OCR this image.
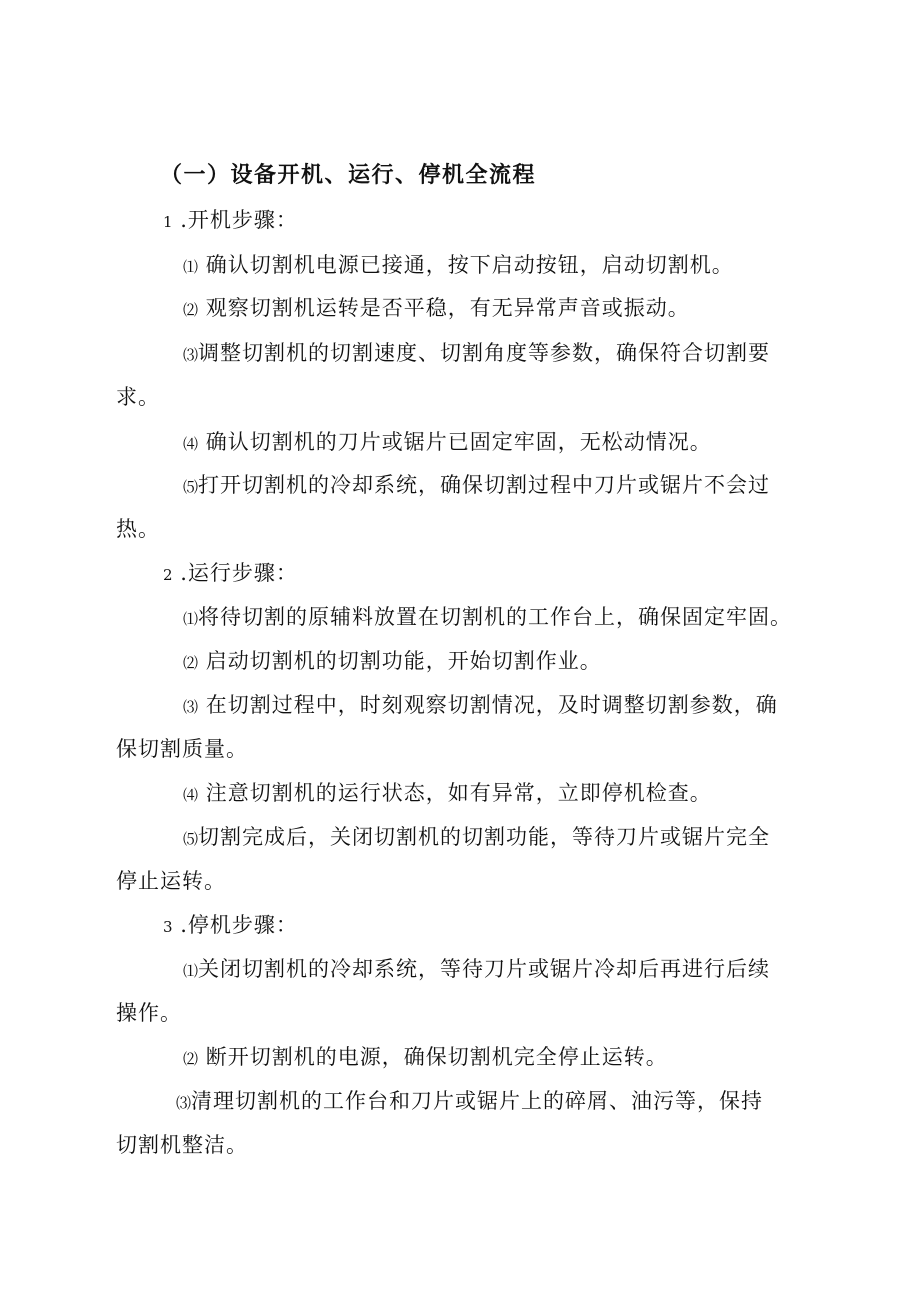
（一）设备开机、运行、停机全流程
1 .开机步骤：
⑴ 确认切割机电源已接通，按下启动按钮，启动切割机。
⑵ 观察切割机运转是否平稳，有无异常声音或振动。
⑶调整切割机的切割速度、切割角度等参数，确保符合切割要
求。
⑷ 确认切割机的刀片或锯片已固定牢固，无松动情况。
⑸打开切割机的冷却系统，确保切割过程中刀片或锯片不会过
热。
2 .运行步骤：
⑴将待切割的原辅料放置在切割机的工作台上，确保固定牢固。
⑵ 启动切割机的切割功能，开始切割作业。
⑶ 在切割过程中，时刻观察切割情况，及时调整切割参数，确
保切割质量。
⑷ 注意切割机的运行状态，如有异常，立即停机检查。
⑸切割完成后，关闭切割机的切割功能，等待刀片或锯片完全
停止运转。
3 .停机步骤：
⑴关闭切割机的冷却系统，等待刀片或锯片冷却后再进行后续
操作。
⑵ 断开切割机的电源，确保切割机完全停止运转。
⑶清理切割机的工作台和刀片或锯片上的碎屑、油污等，保持
切割机整洁。
